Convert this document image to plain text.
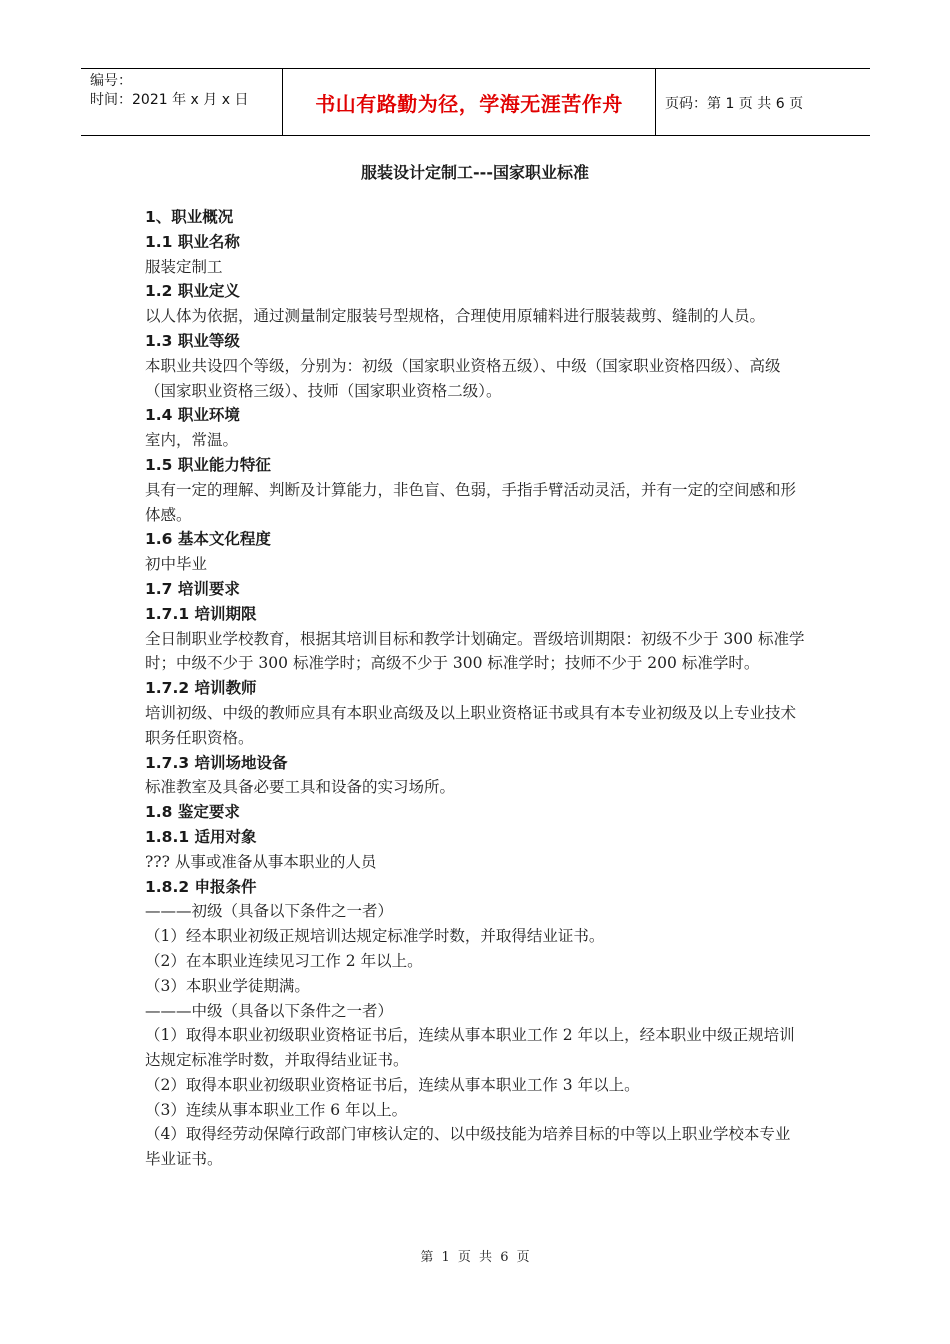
编号：
时间：2021 年 x 月 x 日	书山有路勤为径，学海无涯苦作舟	页码：第 1 页 共 6 页
服装设计定制工---国家职业标准
1、职业概况
1.1 职业名称
服装定制工
1.2 职业定义
以人体为依据，通过测量制定服装号型规格，合理使用原辅料进行服装裁剪、缝制的人员。
1.3 职业等级
本职业共设四个等级，分别为：初级（国家职业资格五级）、中级（国家职业资格四级）、高级（国家职业资格三级）、技师（国家职业资格二级）。
1.4 职业环境
室内，常温。
1.5 职业能力特征
具有一定的理解、判断及计算能力，非色盲、色弱，手指手臂活动灵活，并有一定的空间感和形体感。
1.6 基本文化程度
初中毕业
1.7 培训要求
1.7.1 培训期限
全日制职业学校教育，根据其培训目标和教学计划确定。晋级培训期限：初级不少于 300 标准学时；中级不少于 300 标准学时；高级不少于 300 标准学时；技师不少于 200 标准学时。
1.7.2 培训教师
培训初级、中级的教师应具有本职业高级及以上职业资格证书或具有本专业初级及以上专业技术职务任职资格。
1.7.3 培训场地设备
标准教室及具备必要工具和设备的实习场所。
1.8 鉴定要求
1.8.1 适用对象
??? 从事或准备从事本职业的人员
1.8.2 申报条件
———初级（具备以下条件之一者）
（1）经本职业初级正规培训达规定标准学时数，并取得结业证书。
（2）在本职业连续见习工作 2 年以上。
（3）本职业学徒期满。
———中级（具备以下条件之一者）
（1）取得本职业初级职业资格证书后，连续从事本职业工作 2 年以上，经本职业中级正规培训达规定标准学时数，并取得结业证书。
（2）取得本职业初级职业资格证书后，连续从事本职业工作 3 年以上。
（3）连续从事本职业工作 6 年以上。
（4）取得经劳动保障行政部门审核认定的、以中级技能为培养目标的中等以上职业学校本专业毕业证书。
第 1 页 共 6 页
